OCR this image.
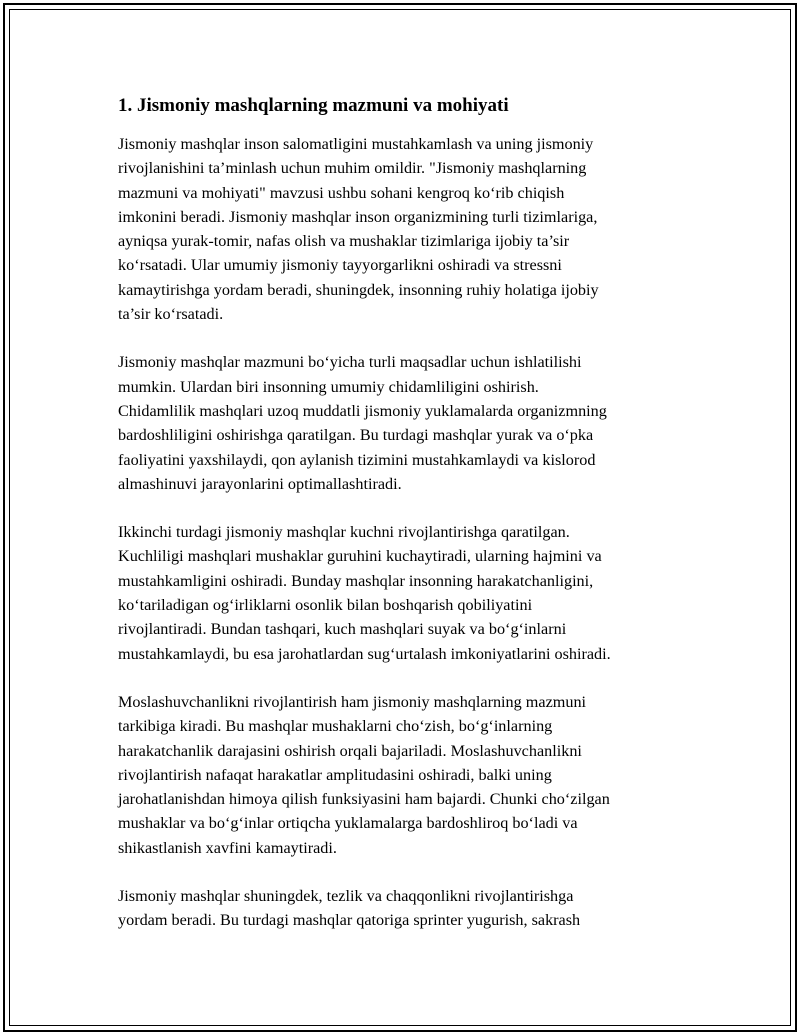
1. Jismoniy mashqlarning mazmuni va mohiyati
Jismoniy mashqlar inson salomatligini mustahkamlash va uning jismoniy
rivojlanishini ta’minlash uchun muhim omildir. "Jismoniy mashqlarning
mazmuni va mohiyati" mavzusi ushbu sohani kengroq ko‘rib chiqish
imkonini beradi. Jismoniy mashqlar inson organizmining turli tizimlariga,
ayniqsa yurak-tomir, nafas olish va mushaklar tizimlariga ijobiy ta’sir
ko‘rsatadi. Ular umumiy jismoniy tayyorgarlikni oshiradi va stressni
kamaytirishga yordam beradi, shuningdek, insonning ruhiy holatiga ijobiy
ta’sir ko‘rsatadi.
Jismoniy mashqlar mazmuni bo‘yicha turli maqsadlar uchun ishlatilishi
mumkin. Ulardan biri insonning umumiy chidamliligini oshirish.
Chidamlilik mashqlari uzoq muddatli jismoniy yuklamalarda organizmning
bardoshliligini oshirishga qaratilgan. Bu turdagi mashqlar yurak va o‘pka
faoliyatini yaxshilaydi, qon aylanish tizimini mustahkamlaydi va kislorod
almashinuvi jarayonlarini optimallashtiradi.
Ikkinchi turdagi jismoniy mashqlar kuchni rivojlantirishga qaratilgan.
Kuchliligi mashqlari mushaklar guruhini kuchaytiradi, ularning hajmini va
mustahkamligini oshiradi. Bunday mashqlar insonning harakatchanligini,
ko‘tariladigan og‘irliklarni osonlik bilan boshqarish qobiliyatini
rivojlantiradi. Bundan tashqari, kuch mashqlari suyak va bo‘g‘inlarni
mustahkamlaydi, bu esa jarohatlardan sug‘urtalash imkoniyatlarini oshiradi.
Moslashuvchanlikni rivojlantirish ham jismoniy mashqlarning mazmuni
tarkibiga kiradi. Bu mashqlar mushaklarni cho‘zish, bo‘g‘inlarning
harakatchanlik darajasini oshirish orqali bajariladi. Moslashuvchanlikni
rivojlantirish nafaqat harakatlar amplitudasini oshiradi, balki uning
jarohatlanishdan himoya qilish funksiyasini ham bajardi. Chunki cho‘zilgan
mushaklar va bo‘g‘inlar ortiqcha yuklamalarga bardoshliroq bo‘ladi va
shikastlanish xavfini kamaytiradi.
Jismoniy mashqlar shuningdek, tezlik va chaqqonlikni rivojlantirishga
yordam beradi. Bu turdagi mashqlar qatoriga sprinter yugurish, sakrash
